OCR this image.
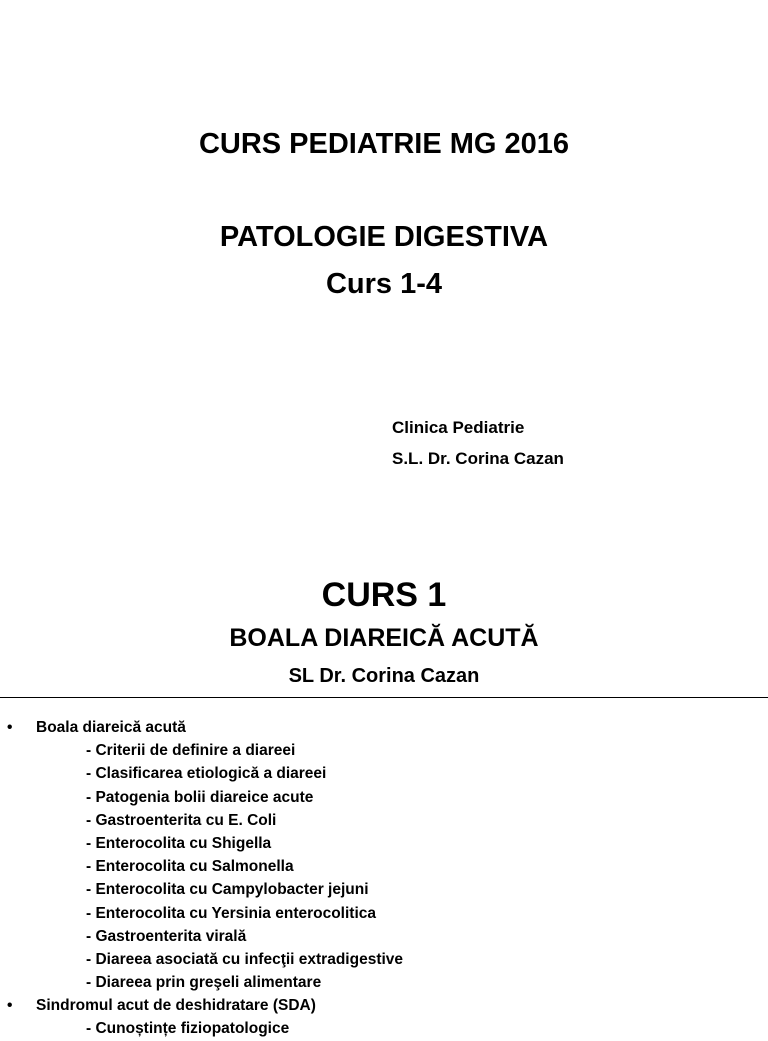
CURS PEDIATRIE MG 2016
PATOLOGIE DIGESTIVA
Curs 1-4
Clinica Pediatrie
S.L. Dr. Corina Cazan
CURS 1
BOALA DIAREICĂ ACUTĂ
SL Dr. Corina Cazan
• Boala diareică acută
- Criterii de definire a diareei
- Clasificarea etiologică a diareei
- Patogenia bolii diareice acute
- Gastroenterita cu E. Coli
- Enterocolita cu Shigella
- Enterocolita cu Salmonella
- Enterocolita cu Campylobacter jejuni
- Enterocolita cu Yersinia enterocolitica
- Gastroenterita virală
- Diareea asociată cu infecţii extradigestive
- Diareea prin greşeli alimentare
• Sindromul acut de deshidratare (SDA)
- Cunoștințe fiziopatologice
